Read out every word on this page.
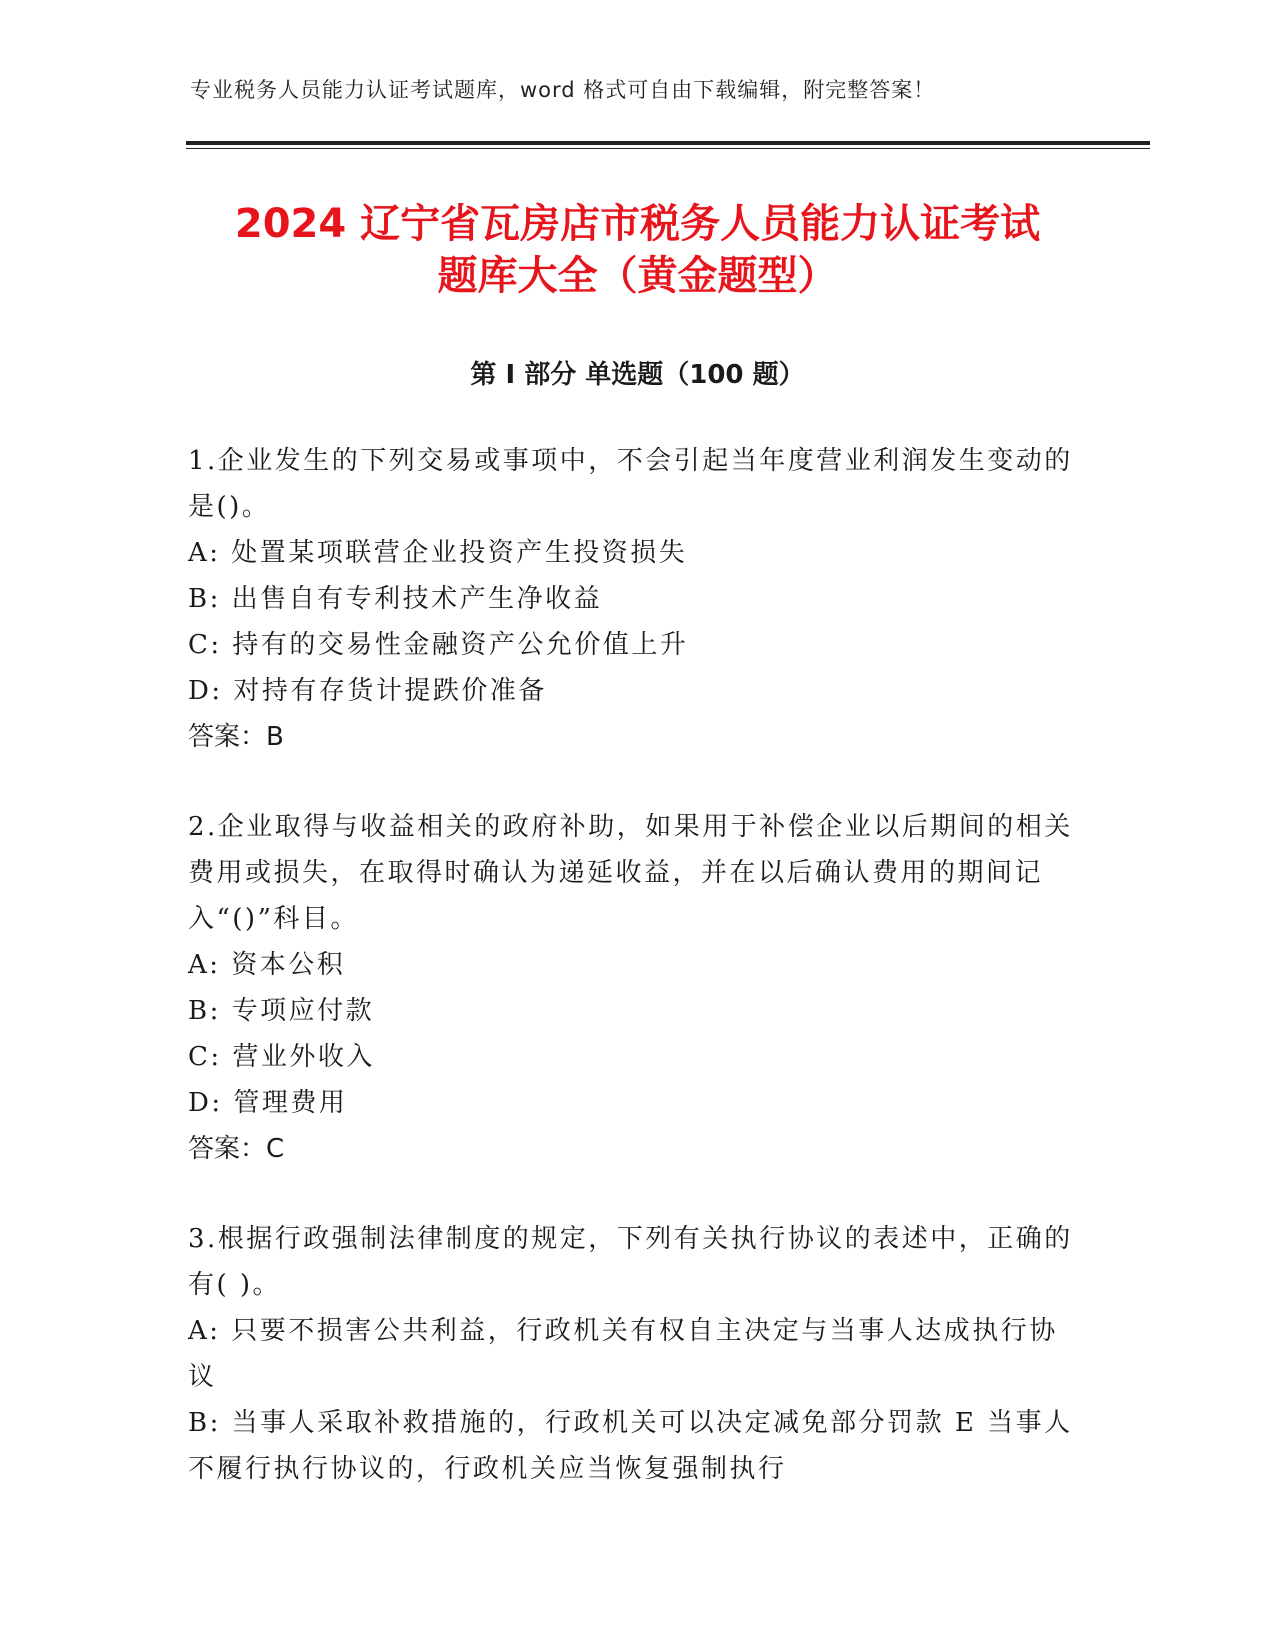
专业税务人员能力认证考试题库，word 格式可自由下载编辑，附完整答案！
2024 辽宁省瓦房店市税务人员能力认证考试
题库大全（黄金题型）
第 I 部分 单选题（100 题）

1.企业发生的下列交易或事项中，不会引起当年度营业利润发生变动的是()。

A: 处置某项联营企业投资产生投资损失

B: 出售自有专利技术产生净收益

C: 持有的交易性金融资产公允价值上升

D: 对持有存货计提跌价准备

答案：B

2.企业取得与收益相关的政府补助，如果用于补偿企业以后期间的相关费用或损失，在取得时确认为递延收益，并在以后确认费用的期间记入“()”科目。

A: 资本公积

B: 专项应付款

C: 营业外收入

D: 管理费用

答案：C

3.根据行政强制法律制度的规定，下列有关执行协议的表述中，正确的有( )。

A: 只要不损害公共利益，行政机关有权自主决定与当事人达成执行协议

B: 当事人采取补救措施的，行政机关可以决定减免部分罚款 E 当事人不履行执行协议的，行政机关应当恢复强制执行
